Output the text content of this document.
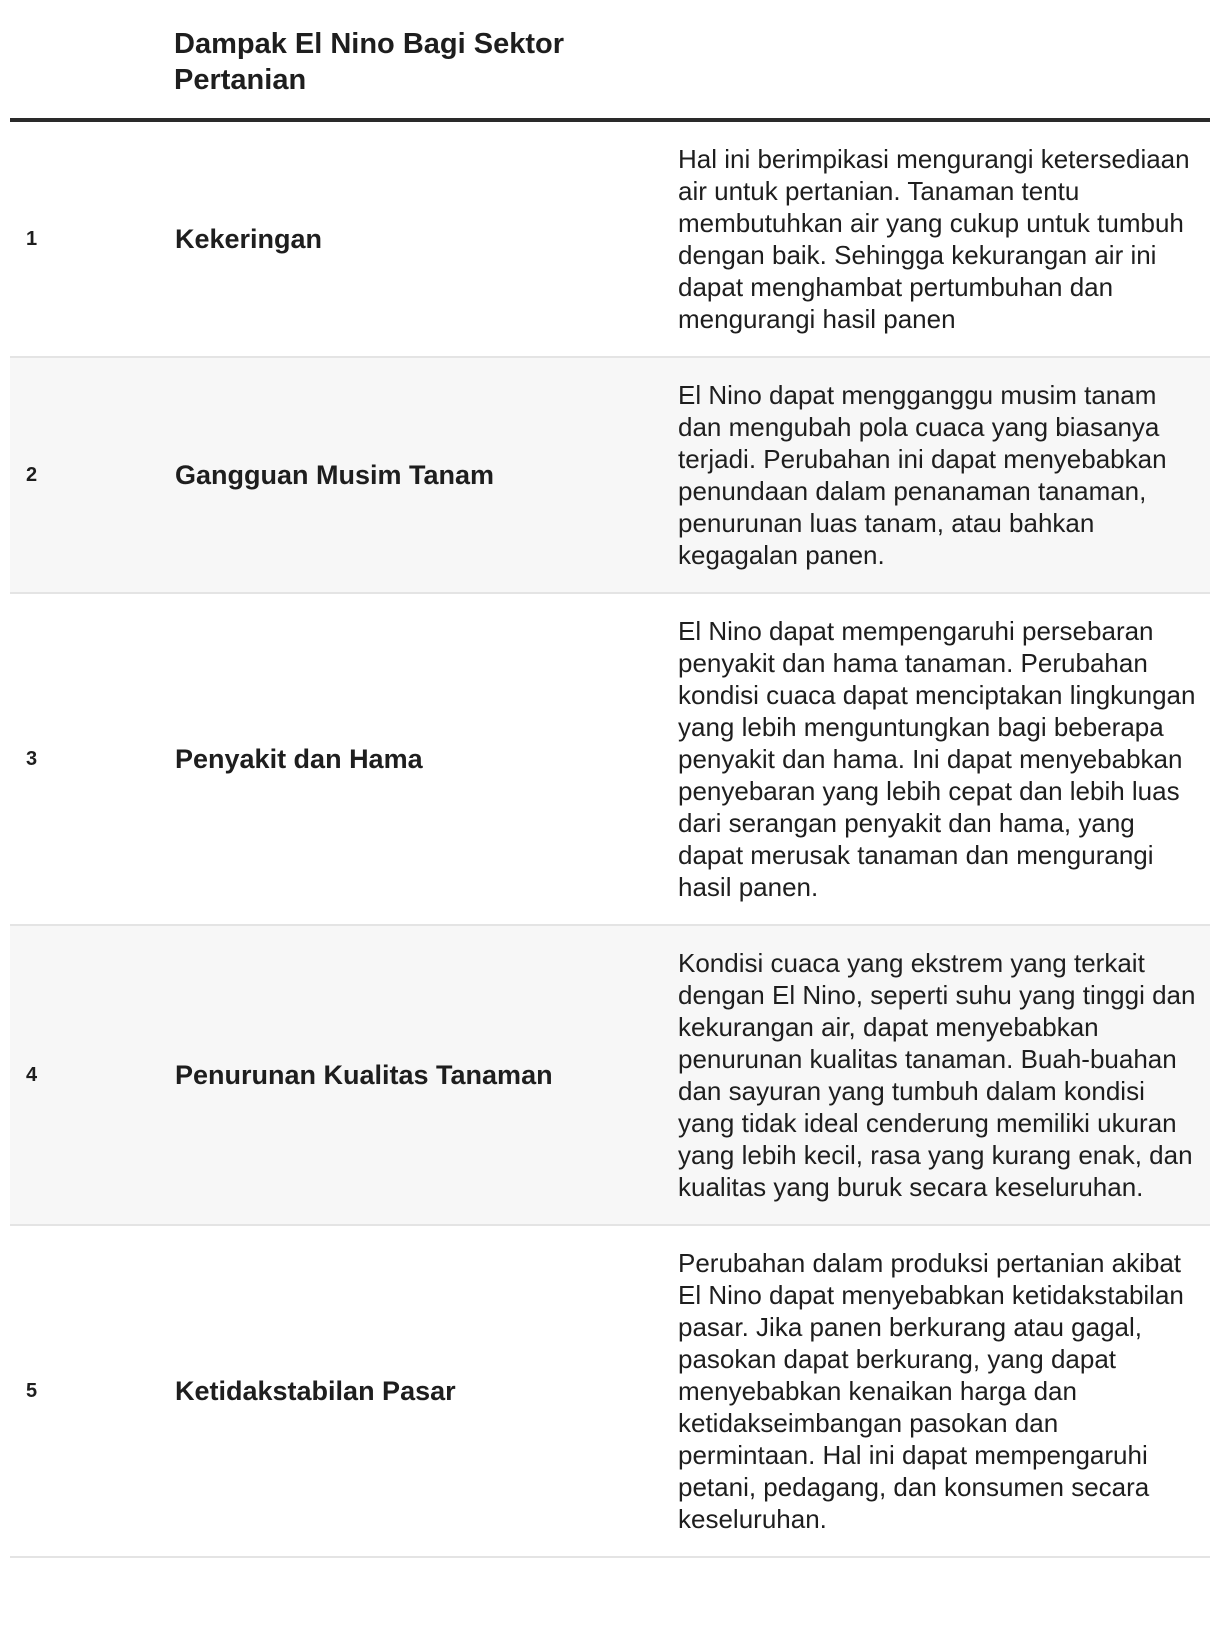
	Dampak El Nino Bagi Sektor Pertanian	

1	Kekeringan	Hal ini berimpikasi mengurangi ketersediaan air untuk pertanian. Tanaman tentu membutuhkan air yang cukup untuk tumbuh dengan baik. Sehingga kekurangan air ini dapat menghambat pertumbuhan dan mengurangi hasil panen
2	Gangguan Musim Tanam	El Nino dapat mengganggu musim tanam dan mengubah pola cuaca yang biasanya terjadi. Perubahan ini dapat menyebabkan penundaan dalam penanaman tanaman, penurunan luas tanam, atau bahkan kegagalan panen.
3	Penyakit dan Hama	El Nino dapat mempengaruhi persebaran penyakit dan hama tanaman. Perubahan kondisi cuaca dapat menciptakan lingkungan yang lebih menguntungkan bagi beberapa penyakit dan hama. Ini dapat menyebabkan penyebaran yang lebih cepat dan lebih luas dari serangan penyakit dan hama, yang dapat merusak tanaman dan mengurangi hasil panen.
4	Penurunan Kualitas Tanaman	Kondisi cuaca yang ekstrem yang terkait dengan El Nino, seperti suhu yang tinggi dan kekurangan air, dapat menyebabkan penurunan kualitas tanaman. Buah-buahan dan sayuran yang tumbuh dalam kondisi yang tidak ideal cenderung memiliki ukuran yang lebih kecil, rasa yang kurang enak, dan kualitas yang buruk secara keseluruhan.
5	Ketidakstabilan Pasar	Perubahan dalam produksi pertanian akibat El Nino dapat menyebabkan ketidakstabilan pasar. Jika panen berkurang atau gagal, pasokan dapat berkurang, yang dapat menyebabkan kenaikan harga dan ketidakseimbangan pasokan dan permintaan. Hal ini dapat mempengaruhi petani, pedagang, dan konsumen secara keseluruhan.
